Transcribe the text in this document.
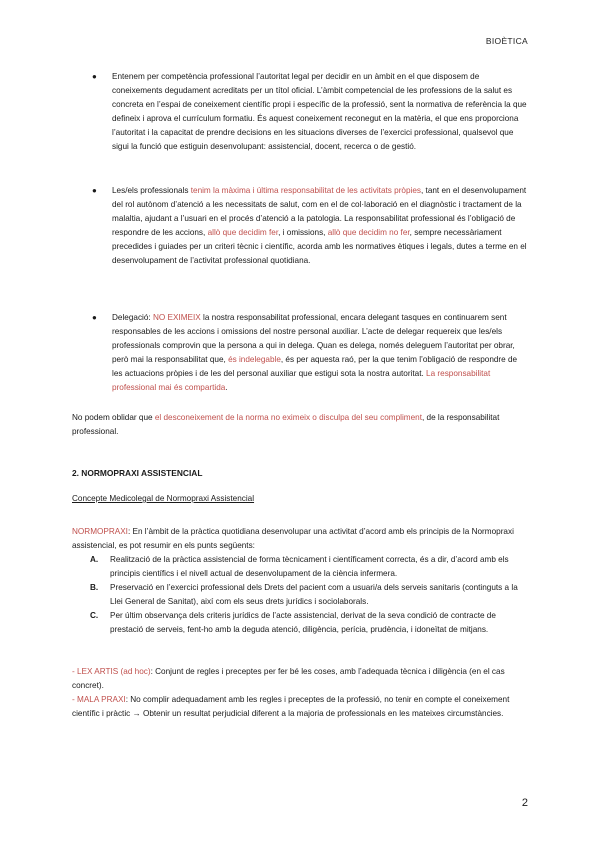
BIOÈTICA
● Entenem per competència professional l’autoritat legal per decidir en un àmbit en el que disposem de coneixements degudament acreditats per un títol oficial. L’àmbit competencial de les professions de la salut es concreta en l’espai de coneixement científic propi i específic de la professió, sent la normativa de referència la que defineix i aprova el currículum formatiu. És aquest coneixement reconegut en la matèria, el que ens proporciona l’autoritat i la capacitat de prendre decisions en les situacions diverses de l’exercici professional, qualsevol que sigui la funció que estiguin desenvolupant: assistencial, docent, recerca o de gestió.
● Les/els professionals tenim la màxima i última responsabilitat de les activitats pròpies, tant en el desenvolupament del rol autònom d’atenció a les necessitats de salut, com en el de col·laboració en el diagnòstic i tractament de la malaltia, ajudant a l’usuari en el procés d’atenció a la patologia. La responsabilitat professional és l’obligació de respondre de les accions, allò que decidim fer, i omissions, allò que decidim no fer, sempre necessàriament precedides i guiades per un criteri tècnic i científic, acorda amb les normatives ètiques i legals, dutes a terme en el desenvolupament de l’activitat professional quotidiana.
● Delegació: NO EXIMEIX la nostra responsabilitat professional, encara delegant tasques en continuarem sent responsables de les accions i omissions del nostre personal auxiliar. L’acte de delegar requereix que les/els professionals comprovin que la persona a qui in delega. Quan es delega, només deleguem l’autoritat per obrar, però mai la responsabilitat que, és indelegable, és per aquesta raó, per la que tenim l’obligació de respondre de les actuacions pròpies i de les del personal auxiliar que estigui sota la nostra autoritat. La responsabilitat professional mai és compartida.
No podem oblidar que el desconeixement de la norma no eximeix o disculpa del seu compliment, de la responsabilitat professional.
2. NORMOPRAXI ASSISTENCIAL
Concepte Medicolegal de Normopraxi Assistencial
NORMOPRAXI: En l’àmbit de la pràctica quotidiana desenvolupar una activitat d’acord amb els principis de la Normopraxi assistencial, es pot resumir en els punts següents:
A. Realització de la pràctica assistencial de forma tècnicament i científicament correcta, és a dir, d’acord amb els principis científics i el nivell actual de desenvolupament de la ciència infermera.
B. Preservació en l’exercici professional dels Drets del pacient com a usuari/a dels serveis sanitaris (continguts a la Llei General de Sanitat), així com els seus drets jurídics i sociolaborals.
C. Per últim observança dels criteris jurídics de l’acte assistencial, derivat de la seva condició de contracte de prestació de serveis, fent-ho amb la deguda atenció, diligència, perícia, prudència, i idoneïtat de mitjans.
- LEX ARTIS (ad hoc): Conjunt de regles i preceptes per fer bé les coses, amb l’adequada tècnica i diligència (en el cas concret).
- MALA PRAXI: No complir adequadament amb les regles i preceptes de la professió, no tenir en compte el coneixement científic i pràctic → Obtenir un resultat perjudicial diferent a la majoria de professionals en les mateixes circumstàncies.
2
